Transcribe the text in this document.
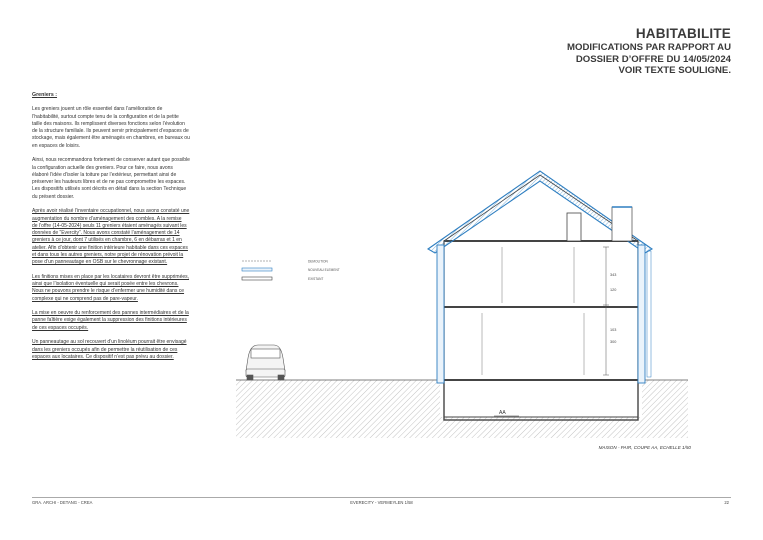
HABITABILITE
MODIFICATIONS PAR RAPPORT AU
DOSSIER D’OFFRE DU 14/05/2024
VOIR TEXTE SOULIGNE.
Greniers :

Les greniers jouent un rôle essentiel dans l’amélioration de
l’habitabilité, surtout compte tenu de la configuration et de la petite
taille des maisons. Ils remplissent diverses fonctions selon l’évolution
de la structure familiale. Ils peuvent servir principalement d’espaces de
stockage, mais également être aménagés en chambres, en bureaux ou
en espaces de loisirs.

Ainsi, nous recommandons fortement de conserver autant que possible
la configuration actuelle des greniers. Pour ce faire, nous avons
élaboré l’idée d’isoler la toiture par l’extérieur, permettant ainsi de
préserver les hauteurs libres et de ne pas compromettre les espaces.
Les dispositifs utilisés sont décrits en détail dans la section Technique
du présent dossier.

Après avoir réalisé l’inventaire occupationnel, nous avons constaté une
augmentation du nombre d’aménagement des combles. A la remise
de l’offre (14-05-2024) seuls 11 greniers étaient aménagés suivant les
données de “Evercity”. Nous avons constaté l’aménagement de 14
greniers à ce jour, dont 7 utilisés en chambre, 6 en débarras et 1 en
atelier. Afin d’obtenir une finition intérieure habitable dans ces espaces
et dans tous les autres greniers, notre projet de rénovation prévoit la
pose d’un panneautage en OSB sur le chevronnage existant.

Les finitions mises en place par les locataires devront être supprimées,
ainsi que l’isolation éventuelle qui serait posée entre les chevrons.
Nous ne pouvons prendre le risque d’enfermer une humidité dans ce
complexe qui ne comprend pas de pare-vapeur.

La mise en oeuvre du renforcement des pannes intermédiaires et de la
panne faîtière exige également la suppression des finitions intérieures
de ces espaces occupés.

Un panneautage au sol recouvert d’un linoléum pourrait être envisagé
dans les greniers occupés afin de permettre la réutilisation de ces
espaces aux locataires. Ce dispositif n’est pas prévu au dossier.

AA
343
120
103
300
DEMOLITION
NOUVEAU ELEMENT
EXISTANT
MAISON - PAIR, COUPE AA, ECHELLE 1/50
GRA. ARCHI - DETANG - CREA	EVERECITY - VERMEYLEN 1/58	22
